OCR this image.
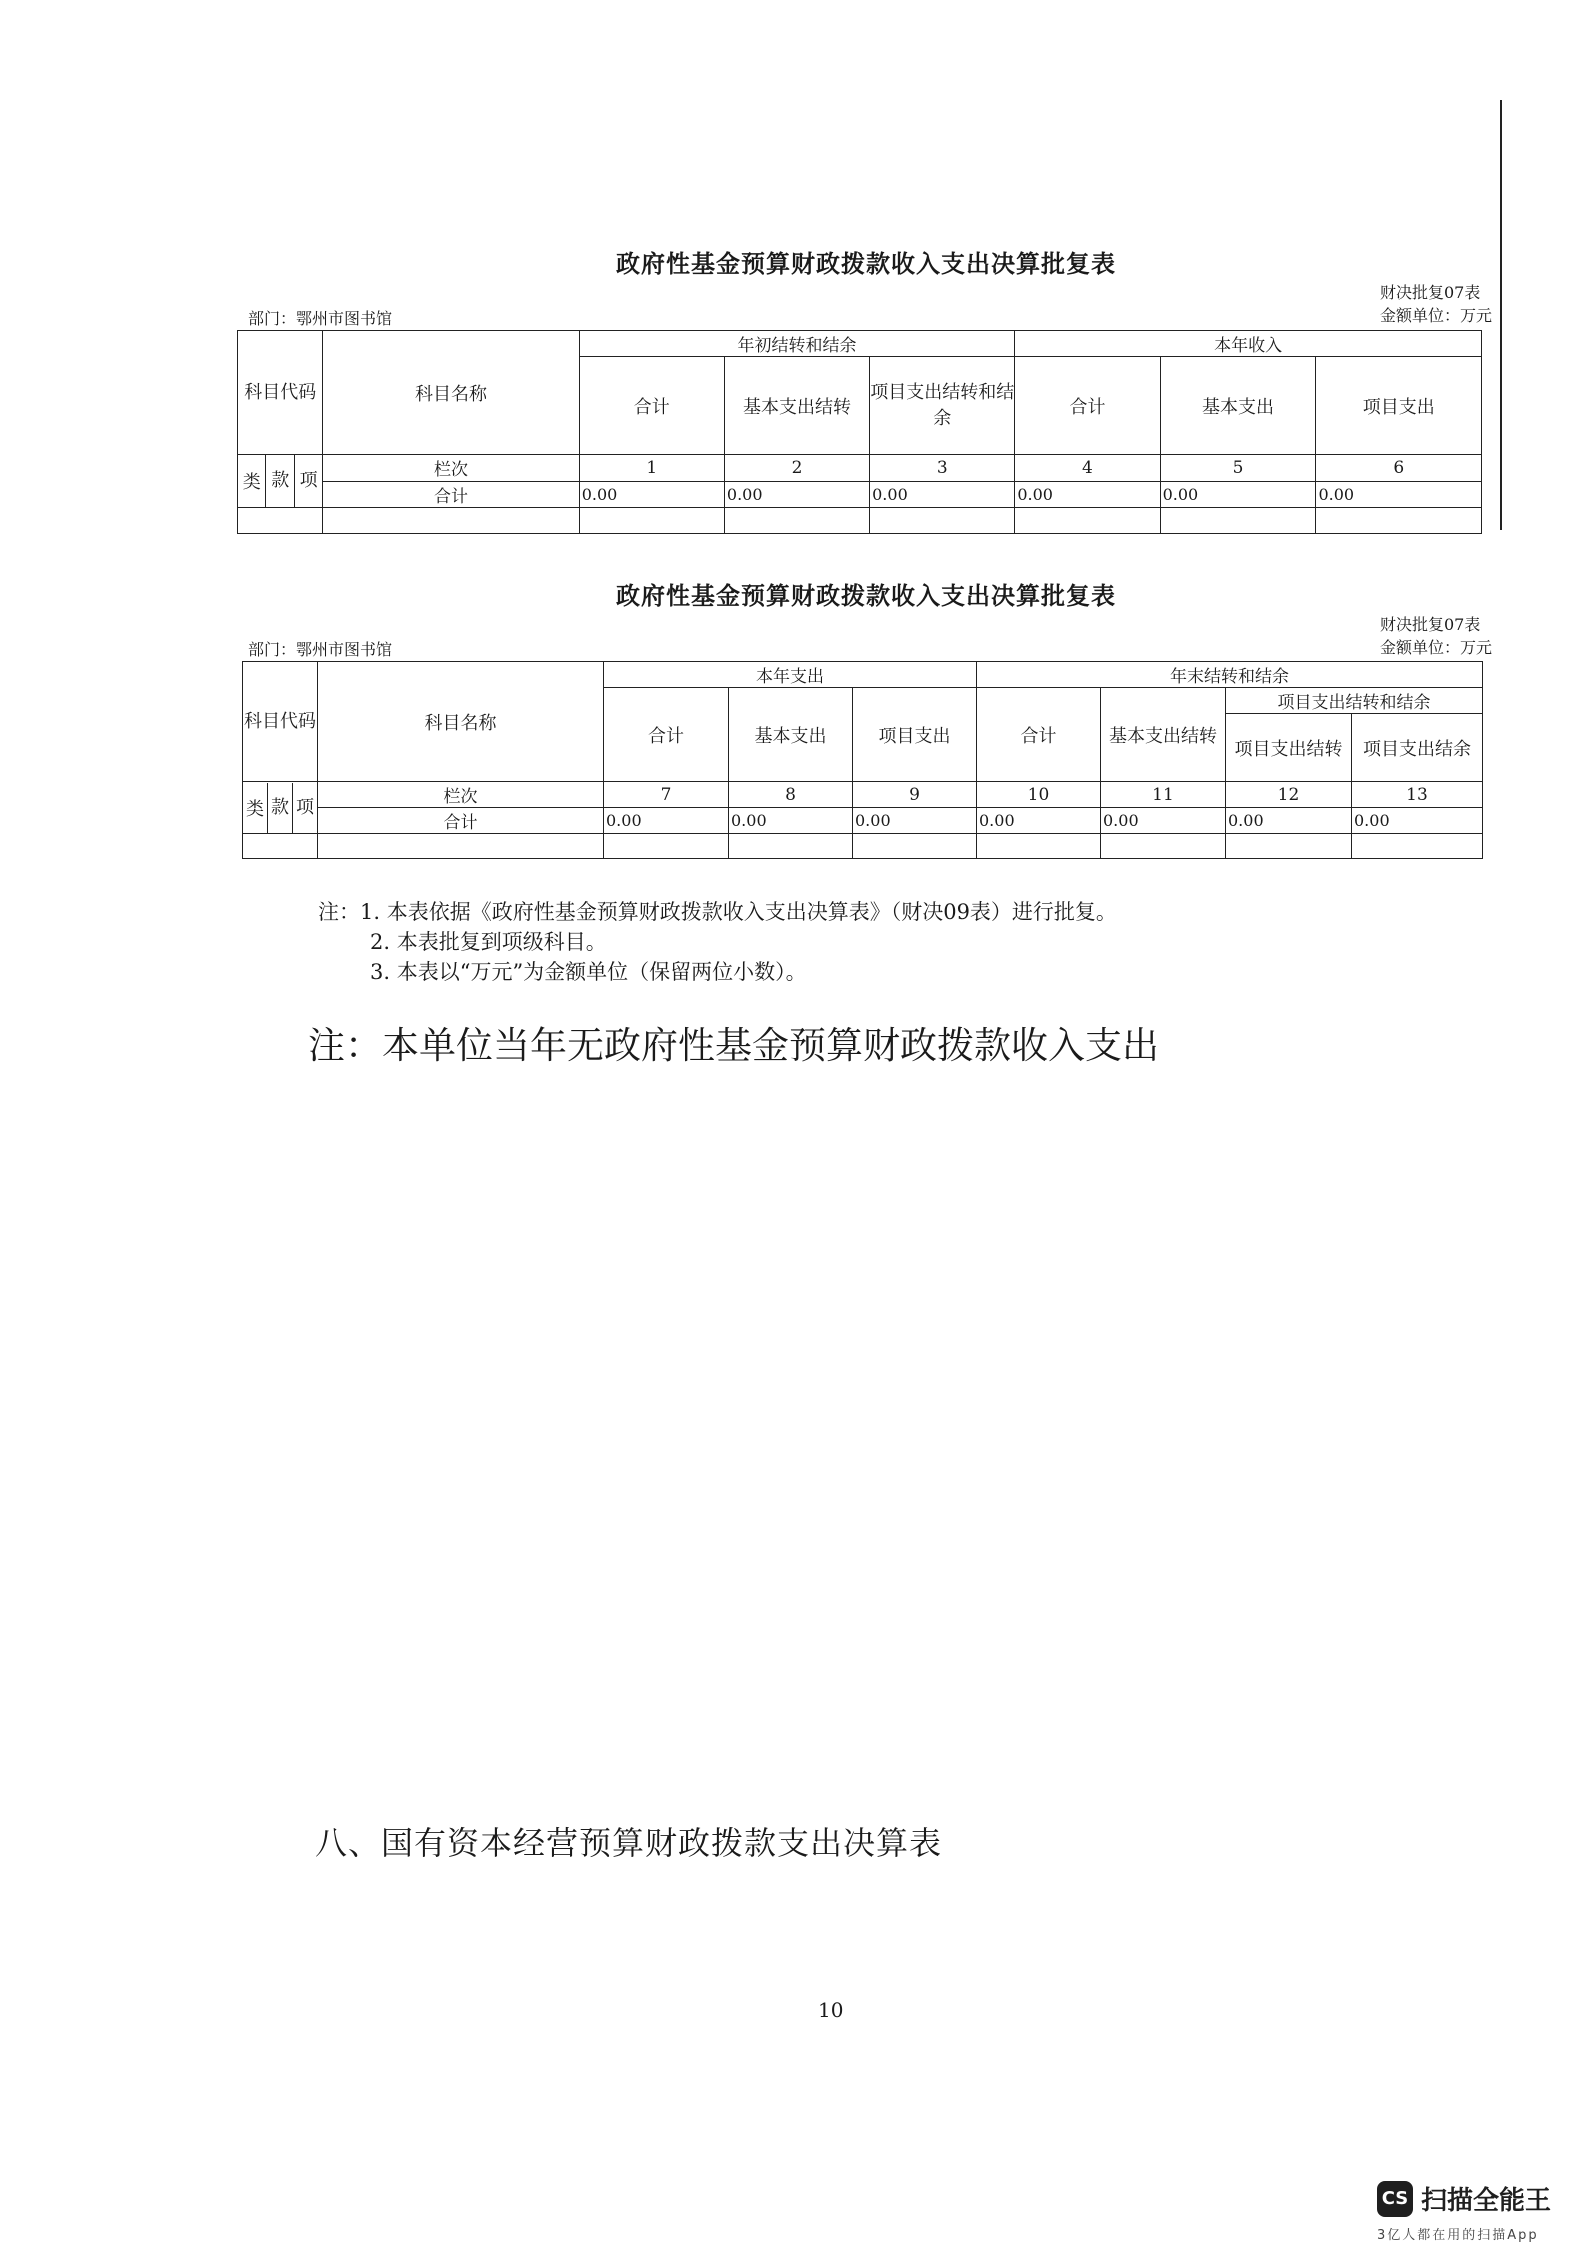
政府性基金预算财政拨款收入支出决算批复表
财决批复07表
金额单位：万元
部门：鄂州市图书馆
科目代码	科目名称	年初结转和结余			本年收入		
		合计	基本支出结转	项目支出结转和结余	合计	基本支出	项目支出

类 款 项	栏次	1	2	3	4	5	6
	合计	0.00	0.00	0.00	0.00	0.00	0.00

政府性基金预算财政拨款收入支出决算批复表
财决批复07表
金额单位：万元
部门：鄂州市图书馆
科目代码	科目名称	本年支出			年末结转和结余			
		合计	基本支出	项目支出	合计	基本支出结转	项目支出结转和结余	
							项目支出结转	项目支出结余

类 款 项	栏次	7	8	9	10	11	12	13
	合计	0.00	0.00	0.00	0.00	0.00	0.00	0.00

注：1. 本表依据《政府性基金预算财政拨款收入支出决算表》（财决09表）进行批复。
2. 本表批复到项级科目。
3. 本表以“万元”为金额单位（保留两位小数）。
注：本单位当年无政府性基金预算财政拨款收入支出
八、国有资本经营预算财政拨款支出决算表
10
CS 扫描全能王
3亿人都在用的扫描App
